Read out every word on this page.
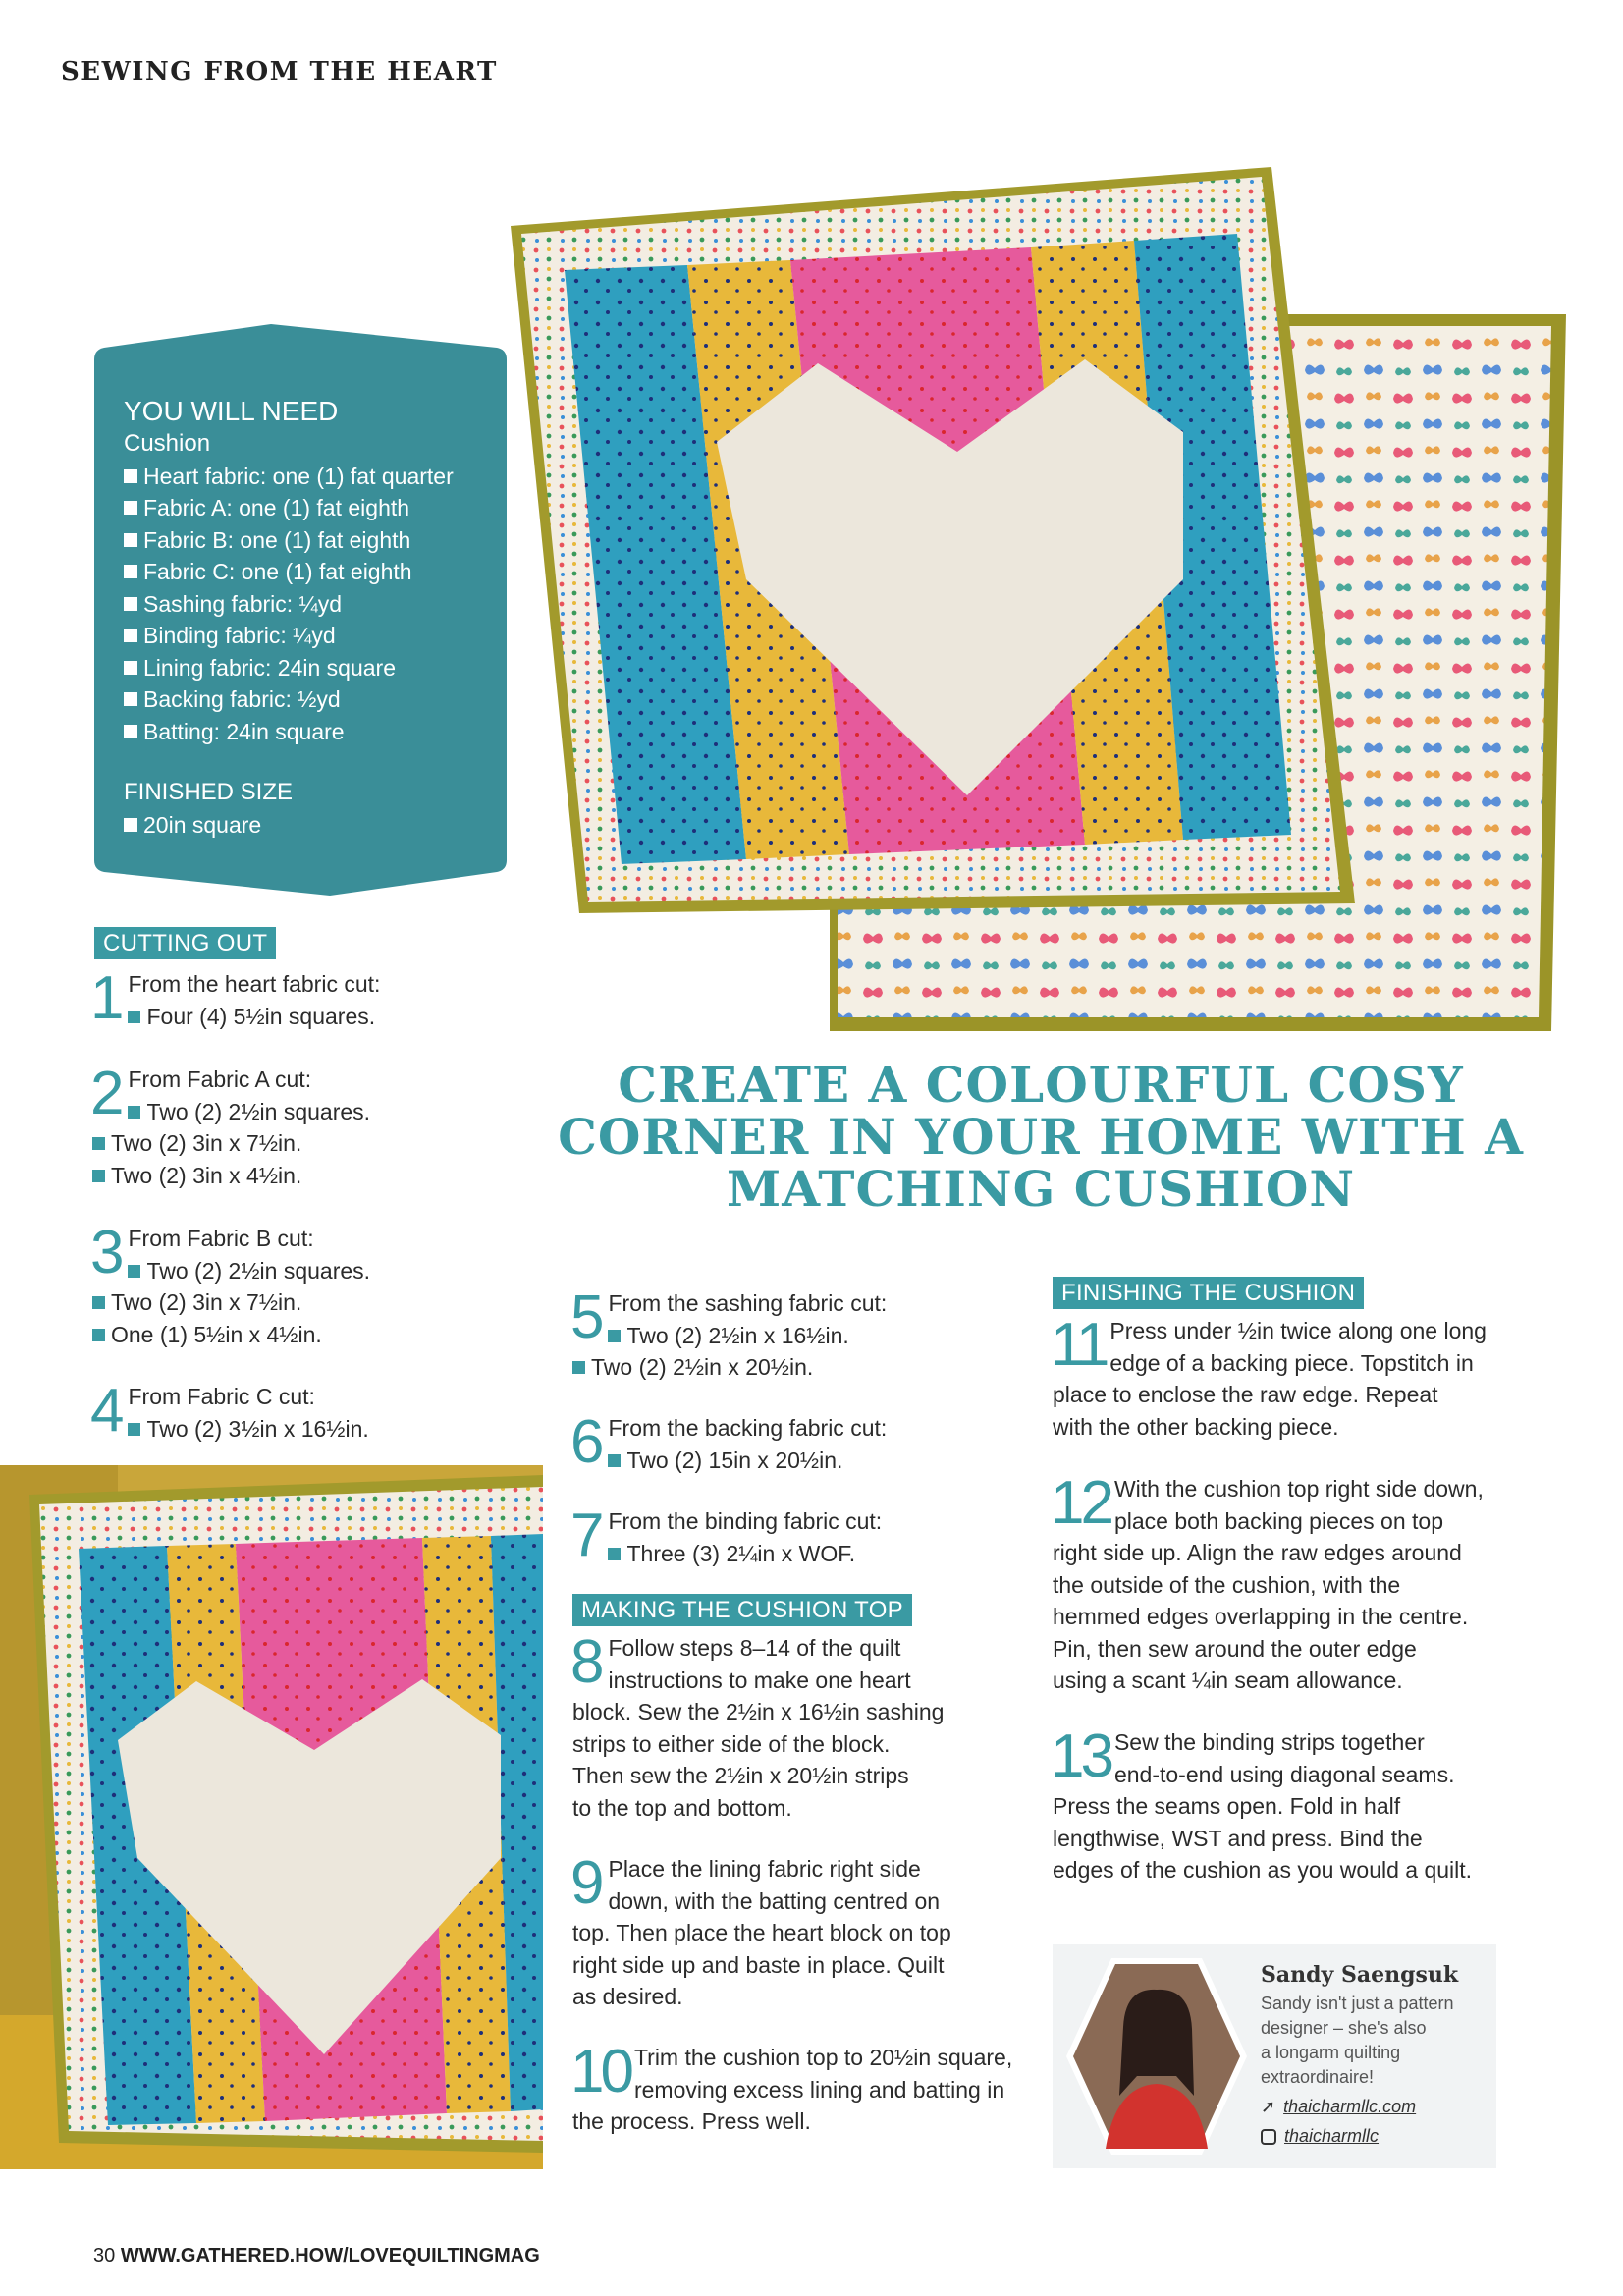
SEWING FROM THE HEART
YOU WILL NEED
Cushion
Heart fabric: one (1) fat quarter
Fabric A: one (1) fat eighth
Fabric B: one (1) fat eighth
Fabric C: one (1) fat eighth
Sashing fabric: ¼yd
Binding fabric: ¼yd
Lining fabric: 24in square
Backing fabric: ½yd
Batting: 24in square
FINISHED SIZE
20in square
CUTTING OUT
1 From the heart fabric cut:
Four (4) 5½in squares.
2 From Fabric A cut:
Two (2) 2½in squares.
Two (2) 3in x 7½in.
Two (2) 3in x 4½in.
3 From Fabric B cut:
Two (2) 2½in squares.
Two (2) 3in x 7½in.
One (1) 5½in x 4½in.
4 From Fabric C cut:
Two (2) 3½in x 16½in.
CREATE A COLOURFUL COSY
CORNER IN YOUR HOME WITH A
MATCHING CUSHION
5 From the sashing fabric cut:
Two (2) 2½in x 16½in.
Two (2) 2½in x 20½in.
6 From the backing fabric cut:
Two (2) 15in x 20½in.
7 From the binding fabric cut:
Three (3) 2¼in x WOF.
MAKING THE CUSHION TOP
8 Follow steps 8–14 of the quilt
instructions to make one heart
block. Sew the 2½in x 16½in sashing
strips to either side of the block.
Then sew the 2½in x 20½in strips
to the top and bottom.
9 Place the lining fabric right side
down, with the batting centred on
top. Then place the heart block on top
right side up and baste in place. Quilt
as desired.
10 Trim the cushion top to 20½in square,
removing excess lining and batting in
the process. Press well.
FINISHING THE CUSHION
11 Press under ½in twice along one long
edge of a backing piece. Topstitch in
place to enclose the raw edge. Repeat
with the other backing piece.
12 With the cushion top right side down,
place both backing pieces on top
right side up. Align the raw edges around
the outside of the cushion, with the
hemmed edges overlapping in the centre.
Pin, then sew around the outer edge
using a scant ¼in seam allowance.
13 Sew the binding strips together
end-to-end using diagonal seams.
Press the seams open. Fold in half
lengthwise, WST and press. Bind the
edges of the cushion as you would a quilt.
Sandy Saengsuk
Sandy isn't just a pattern
designer – she's also
a longarm quilting
extraordinaire!
➚ thaicharmllc.com
thaicharmllc
30 WWW.GATHERED.HOW/LOVEQUILTINGMAG
